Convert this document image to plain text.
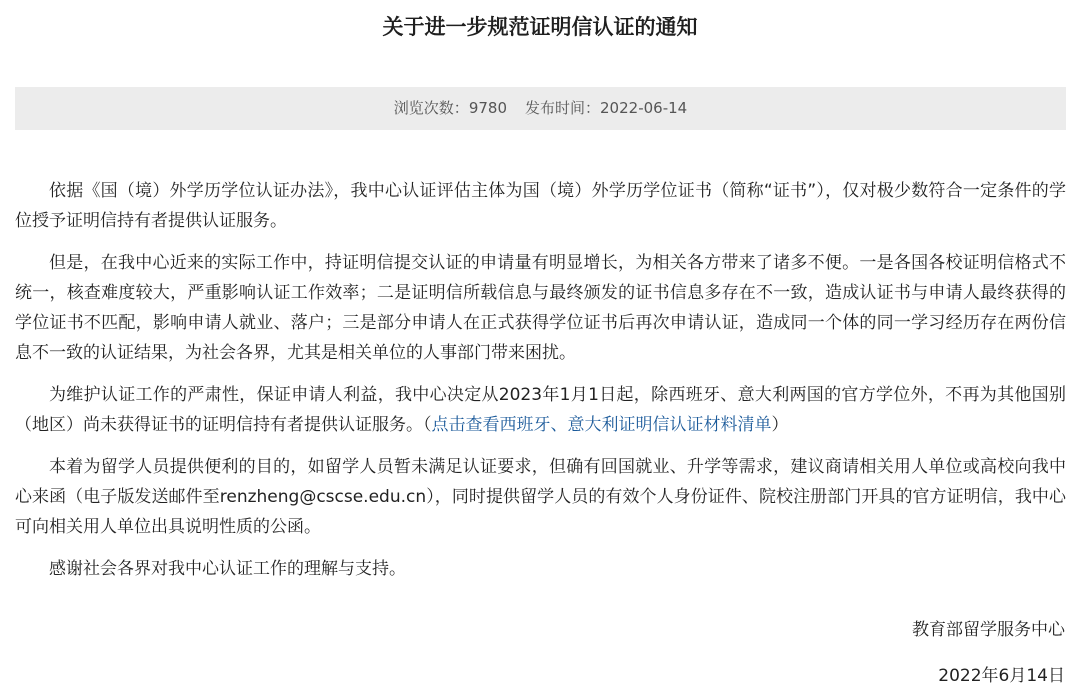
关于进一步规范证明信认证的通知
浏览次数：9780 发布时间：2022-06-14

依据《国（境）外学历学位认证办法》，我中心认证评估主体为国（境）外学历学位证书（简称“证书”），仅对极少数符合一定条件的学位授予证明信持有者提供认证服务。

但是，在我中心近来的实际工作中，持证明信提交认证的申请量有明显增长，为相关各方带来了诸多不便。一是各国各校证明信格式不统一，核查难度较大，严重影响认证工作效率；二是证明信所载信息与最终颁发的证书信息多存在不一致，造成认证书与申请人最终获得的学位证书不匹配，影响申请人就业、落户；三是部分申请人在正式获得学位证书后再次申请认证，造成同一个体的同一学习经历存在两份信息不一致的认证结果，为社会各界，尤其是相关单位的人事部门带来困扰。

为维护认证工作的严肃性，保证申请人利益，我中心决定从2023年1月1日起，除西班牙、意大利两国的官方学位外，不再为其他国别（地区）尚未获得证书的证明信持有者提供认证服务。（点击查看西班牙、意大利证明信认证材料清单）

本着为留学人员提供便利的目的，如留学人员暂未满足认证要求，但确有回国就业、升学等需求，建议商请相关用人单位或高校向我中心来函（电子版发送邮件至renzheng@cscse.edu.cn），同时提供留学人员的有效个人身份证件、院校注册部门开具的官方证明信，我中心可向相关用人单位出具说明性质的公函。

感谢社会各界对我中心认证工作的理解与支持。

教育部留学服务中心
2022年6月14日
